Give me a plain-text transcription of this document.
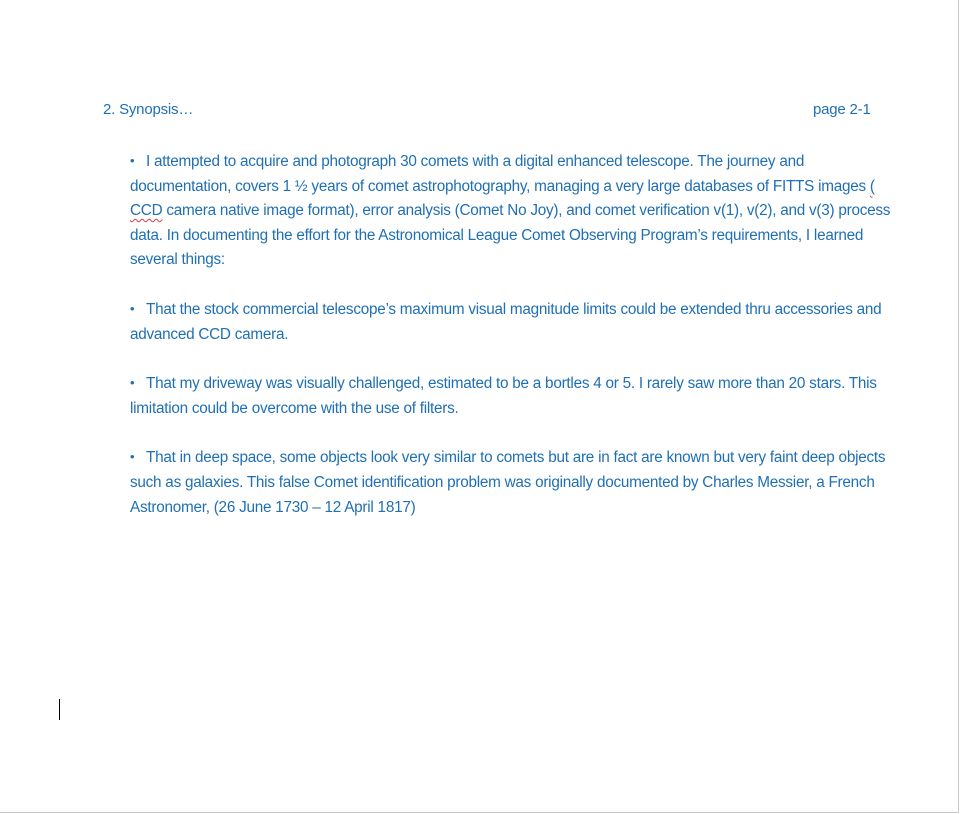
2. Synopsis…	page 2-1

• I attempted to acquire and photograph 30 comets with a digital enhanced telescope. The journey and documentation, covers 1 ½ years of comet astrophotography, managing a very large databases of FITTS images ( CCD camera native image format), error analysis (Comet No Joy), and comet verification v(1), v(2), and v(3) process data. In documenting the effort for the Astronomical League Comet Observing Program’s requirements, I learned several things:

• That the stock commercial telescope’s maximum visual magnitude limits could be extended thru accessories and advanced CCD camera.

• That my driveway was visually challenged, estimated to be a bortles 4 or 5. I rarely saw more than 20 stars. This limitation could be overcome with the use of filters.

• That in deep space, some objects look very similar to comets but are in fact are known but very faint deep objects such as galaxies. This false Comet identification problem was originally documented by Charles Messier, a French Astronomer, (26 June 1730 – 12 April 1817)
